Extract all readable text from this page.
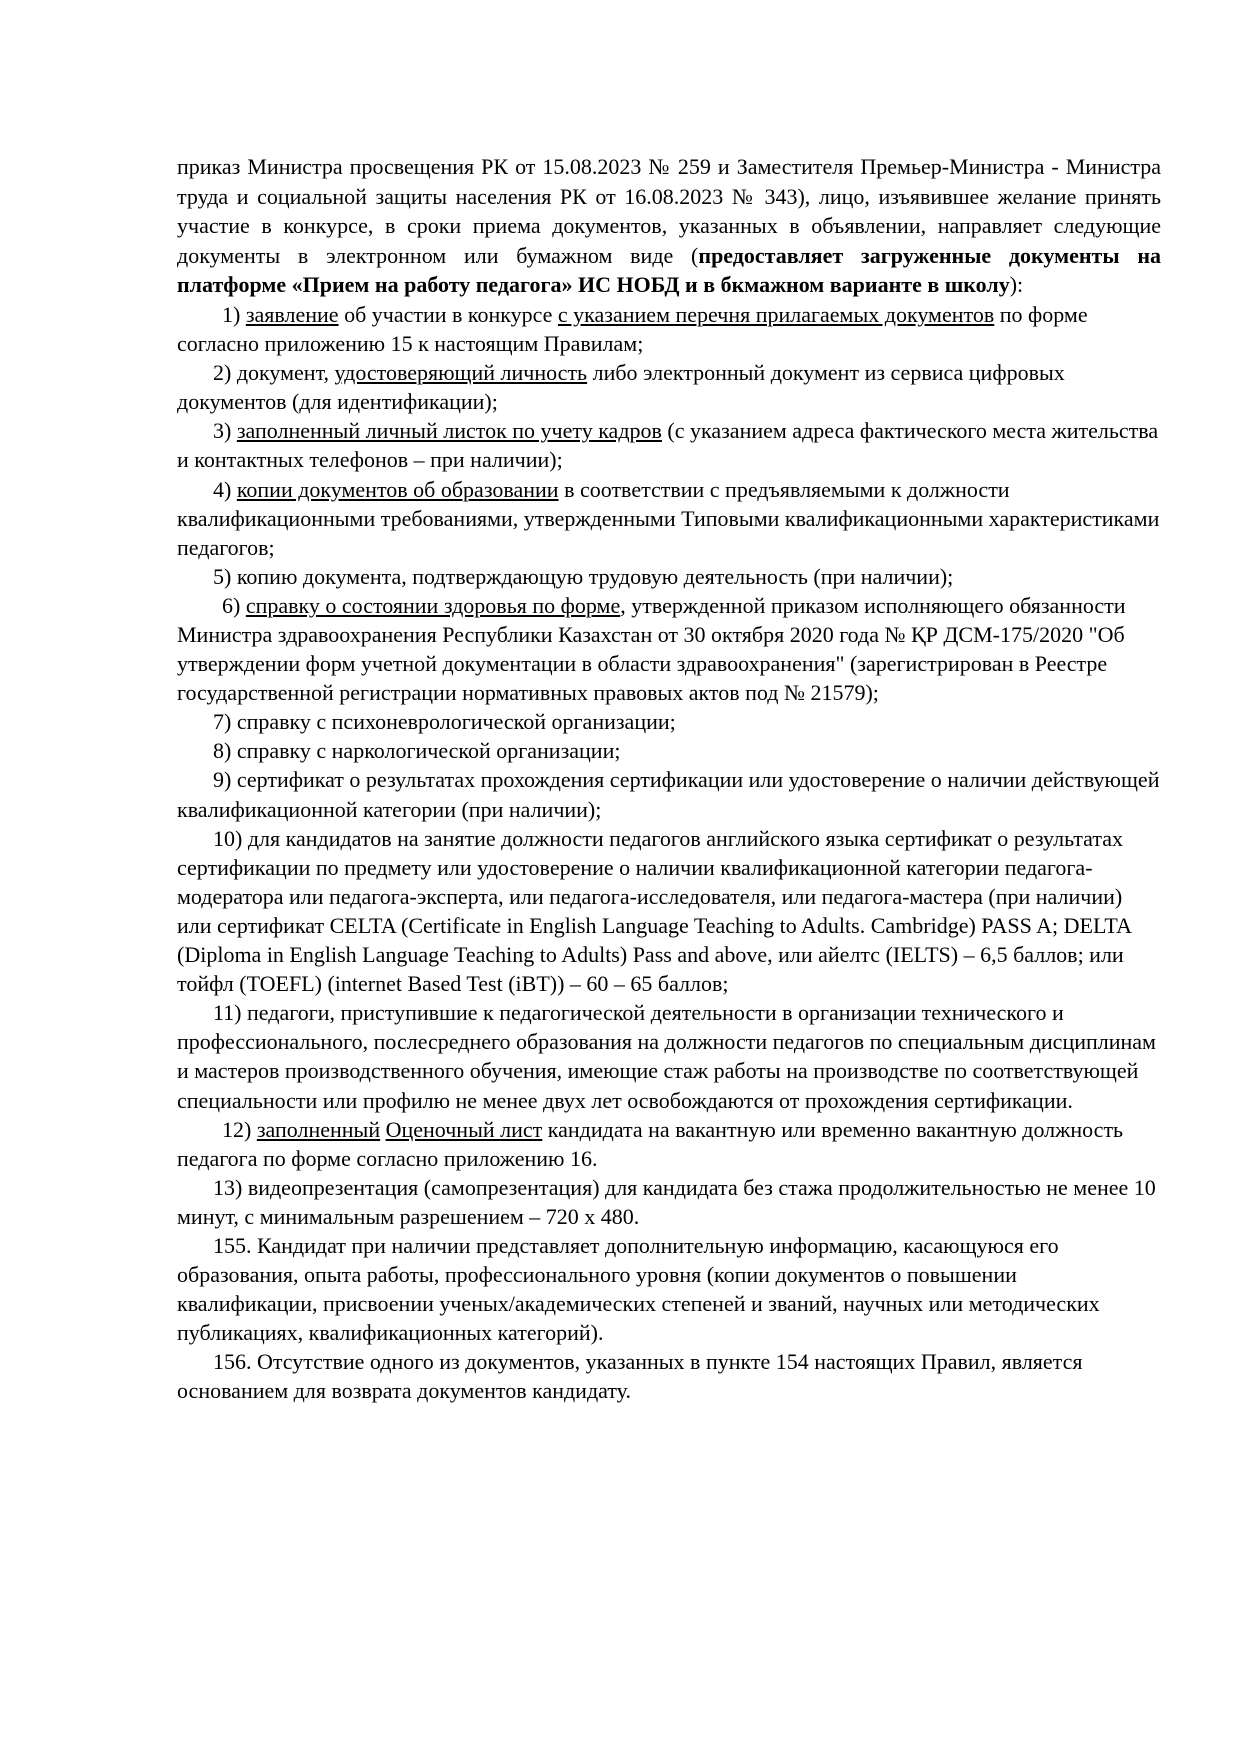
приказ Министра просвещения РК от 15.08.2023 № 259 и Заместителя Премьер-Министра - Министра труда и социальной защиты населения РК от 16.08.2023 № 343), лицо, изъявившее желание принять участие в конкурсе, в сроки приема документов, указанных в объявлении, направляет следующие документы в электронном или бумажном виде (предоставляет загруженные документы на платформе «Прием на работу педагога» ИС НОБД и в бкмажном варианте в школу):

1) заявление об участии в конкурсе с указанием перечня прилагаемых документов по форме согласно приложению 15 к настоящим Правилам;

2) документ, удостоверяющий личность либо электронный документ из сервиса цифровых документов (для идентификации);

3) заполненный личный листок по учету кадров (с указанием адреса фактического места жительства и контактных телефонов – при наличии);

4) копии документов об образовании в соответствии с предъявляемыми к должности квалификационными требованиями, утвержденными Типовыми квалификационными характеристиками педагогов;

5) копию документа, подтверждающую трудовую деятельность (при наличии);

6) справку о состоянии здоровья по форме, утвержденной приказом исполняющего обязанности Министра здравоохранения Республики Казахстан от 30 октября 2020 года № ҚР ДСМ-175/2020 "Об утверждении форм учетной документации в области здравоохранения" (зарегистрирован в Реестре государственной регистрации нормативных правовых актов под № 21579);

7) справку с психоневрологической организации;

8) справку с наркологической организации;

9) сертификат о результатах прохождения сертификации или удостоверение о наличии действующей квалификационной категории (при наличии);

10) для кандидатов на занятие должности педагогов английского языка сертификат о результатах сертификации по предмету или удостоверение о наличии квалификационной категории педагога-модератора или педагога-эксперта, или педагога-исследователя, или педагога-мастера (при наличии) или сертификат CELTA (Certificate in English Language Teaching to Adults. Cambridge) PASS A; DELTA (Diploma in English Language Teaching to Adults) Pass and above, или айелтс (IELTS) – 6,5 баллов; или тойфл (TOEFL) (internet Based Test (iBT)) – 60 – 65 баллов;

11) педагоги, приступившие к педагогической деятельности в организации технического и профессионального, послесреднего образования на должности педагогов по специальным дисциплинам и мастеров производственного обучения, имеющие стаж работы на производстве по соответствующей специальности или профилю не менее двух лет освобождаются от прохождения сертификации.

12) заполненный Оценочный лист кандидата на вакантную или временно вакантную должность педагога по форме согласно приложению 16.

13) видеопрезентация (самопрезентация) для кандидата без стажа продолжительностью не менее 10 минут, с минимальным разрешением – 720 х 480.

155. Кандидат при наличии представляет дополнительную информацию, касающуюся его образования, опыта работы, профессионального уровня (копии документов о повышении квалификации, присвоении ученых/академических степеней и званий, научных или методических публикациях, квалификационных категорий).

156. Отсутствие одного из документов, указанных в пункте 154 настоящих Правил, является основанием для возврата документов кандидату.
